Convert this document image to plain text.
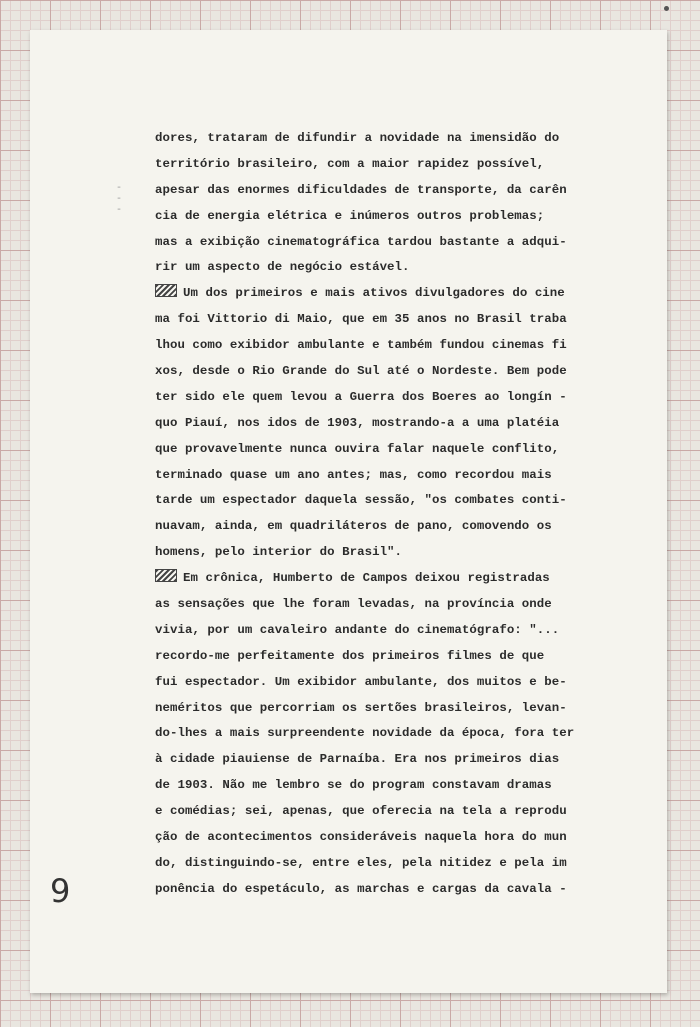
- - -
9
dores, trataram de difundir a novidade na imensidão do
território brasileiro, com a maior rapidez possível,
apesar das enormes dificuldades de transporte, da carên
cia de energia elétrica e inúmeros outros problemas;
mas a exibição cinematográfica tardou bastante a adqui-
rir um aspecto de negócio estável.
Um dos primeiros e mais ativos divulgadores do cine
ma foi Vittorio di Maio, que em 35 anos no Brasil trabа
lhou como exibidor ambulante e também fundou cinemas fi
xos, desde o Rio Grande do Sul até o Nordeste. Bem pode
ter sido ele quem levou a Guerra dos Boeres ao longín -
quo Piauí, nos idos de 1903, mostrando-a a uma platéia
que provavelmente nunca ouvira falar naquele conflito,
terminado quase um ano antes; mas, como recordou mais
tarde um espectador daquela sessão, "os combates conti-
nuavam, ainda, em quadriláteros de pano, comovendo os
homens, pelo interior do Brasil".
Em crônica, Humberto de Campos deixou registradas
as sensações que lhe foram levadas, na província onde
vivia, por um cavaleiro andante do cinematógrafo: "...
recordo-me perfeitamente dos primeiros filmes de que
fui espectador. Um exibidor ambulante, dos muitos e be-
neméritos que percorriam os sertões brasileiros, levan-
do-lhes a mais surpreendente novidade da época, fora ter
à cidade piauiense de Parnaíba. Era nos primeiros dias
de 1903. Não me lembro se do program constavam dramas
e comédias; sei, apenas, que oferecia na tela a reprodu
ção de acontecimentos consideráveis naquela hora do mun
do, distinguindo-se, entre eles, pela nitidez e pela im
ponência do espetáculo, as marchas e cargas da cavala -
